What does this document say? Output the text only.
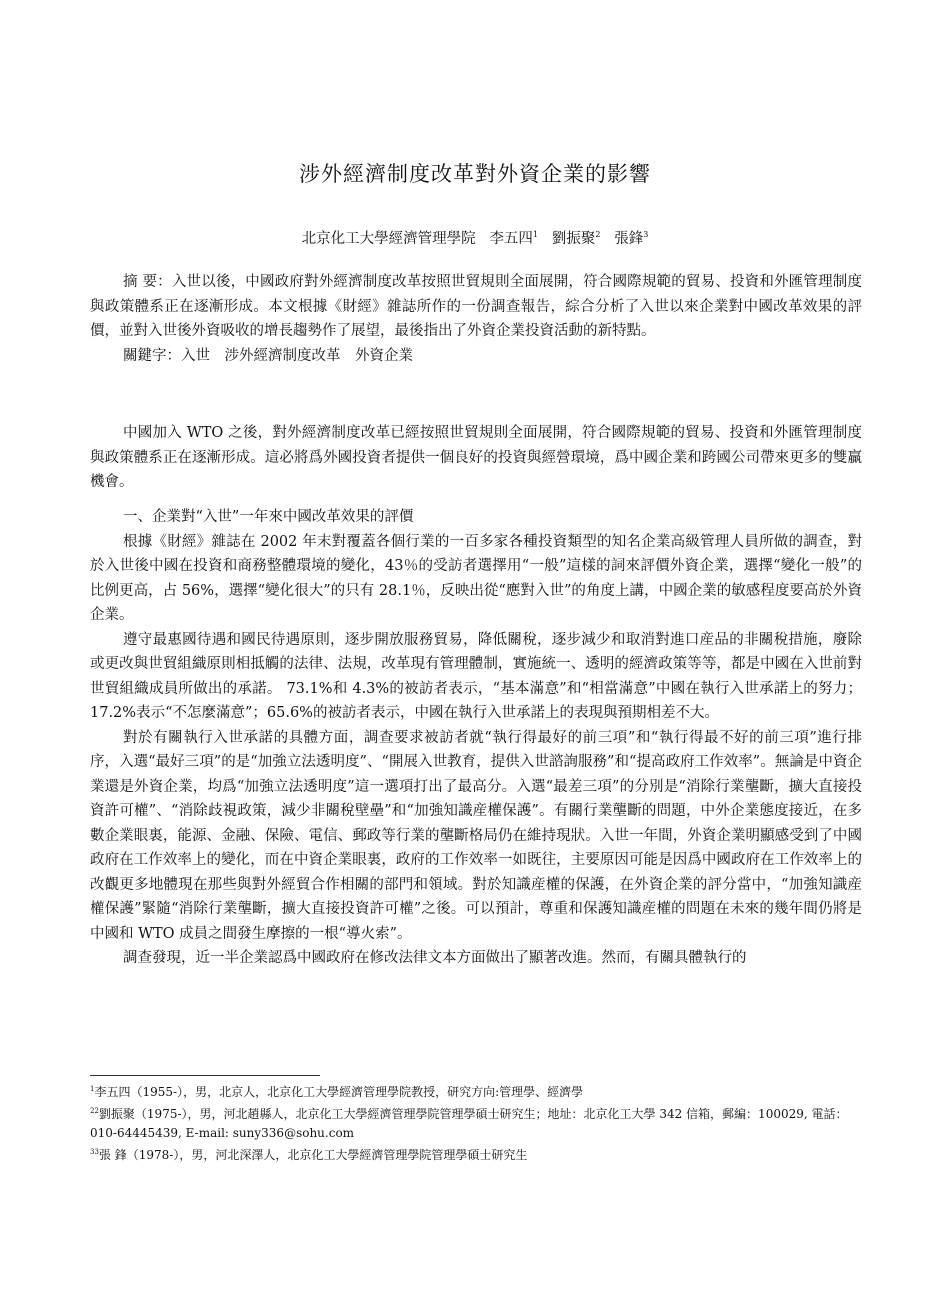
涉外經濟制度改革對外資企業的影響
北京化工大學經濟管理學院 李五四$^1$ 劉振聚$^2$ 張鋒$^3$

摘 要：入世以後，中國政府對外經濟制度改革按照世貿規則全面展開，符合國際規範的貿易、投資和外匯管理制度與政策體系正在逐漸形成。本文根據《財經》雜誌所作的一份調查報告，綜合分析了入世以來企業對中國改革效果的評價，並對入世後外資吸收的增長趨勢作了展望，最後指出了外資企業投資活動的新特點。

關鍵字：入世　涉外經濟制度改革　外資企業

中國加入 WTO 之後，對外經濟制度改革已經按照世貿規則全面展開，符合國際規範的貿易、投資和外匯管理制度與政策體系正在逐漸形成。這必將爲外國投資者提供一個良好的投資與經營環境，爲中國企業和跨國公司帶來更多的雙贏機會。

一、企業對“入世”一年來中國改革效果的評價

根據《財經》雜誌在 2002 年末對覆蓋各個行業的一百多家各種投資類型的知名企業高級管理人員所做的調查，對於入世後中國在投資和商務整體環境的變化，43％的受訪者選擇用“一般”這樣的詞來評價外資企業，選擇“變化一般”的比例更高，占 56%，選擇“變化很大”的只有 28.1％，反映出從“應對入世”的角度上講，中國企業的敏感程度要高於外資企業。

遵守最惠國待遇和國民待遇原則，逐步開放服務貿易，降低關稅，逐步減少和取消對進口産品的非關稅措施，廢除或更改與世貿組織原則相抵觸的法律、法規，改革現有管理體制，實施統一、透明的經濟政策等等，都是中國在入世前對世貿組織成員所做出的承諾。 73.1%和 4.3%的被訪者表示，“基本滿意”和“相當滿意”中國在執行入世承諾上的努力；17.2%表示“不怎麼滿意”；65.6%的被訪者表示，中國在執行入世承諾上的表現與預期相差不大。

對於有關執行入世承諾的具體方面，調查要求被訪者就“執行得最好的前三項”和“執行得最不好的前三項”進行排序，入選“最好三項”的是“加強立法透明度”、“開展入世教育，提供入世諮詢服務”和“提高政府工作效率”。無論是中資企業還是外資企業，均爲“加強立法透明度”這一選項打出了最高分。入選“最差三項”的分別是“消除行業壟斷，擴大直接投資許可權”、“消除歧視政策，減少非關稅壁壘”和“加強知識産權保護”。有關行業壟斷的問題，中外企業態度接近，在多數企業眼裏，能源、金融、保險、電信、郵政等行業的壟斷格局仍在維持現狀。入世一年間，外資企業明顯感受到了中國政府在工作效率上的變化，而在中資企業眼裏，政府的工作效率一如既往，主要原因可能是因爲中國政府在工作效率上的改觀更多地體現在那些與對外經貿合作相關的部門和領域。對於知識産權的保護，在外資企業的評分當中，“加強知識産權保護”緊隨“消除行業壟斷，擴大直接投資許可權”之後。可以預計，尊重和保護知識産權的問題在未來的幾年間仍將是中國和 WTO 成員之間發生摩擦的一根“導火索”。

調查發現，近一半企業認爲中國政府在修改法律文本方面做出了顯著改進。然而，有關具體執行的

$^1$李五四（1955-），男，北京人，北京化工大學經濟管理學院教授，研究方向:管理學、經濟學

$^{22}$劉振聚（1975-），男，河北趙縣人，北京化工大學經濟管理學院管理學碩士研究生；地址：北京化工大學 342 信箱，郵編：100029, 電話：010-64445439, E-mail: suny336@sohu.com

$^{33}$張 鋒（1978-），男，河北深澤人，北京化工大學經濟管理學院管理學碩士研究生
